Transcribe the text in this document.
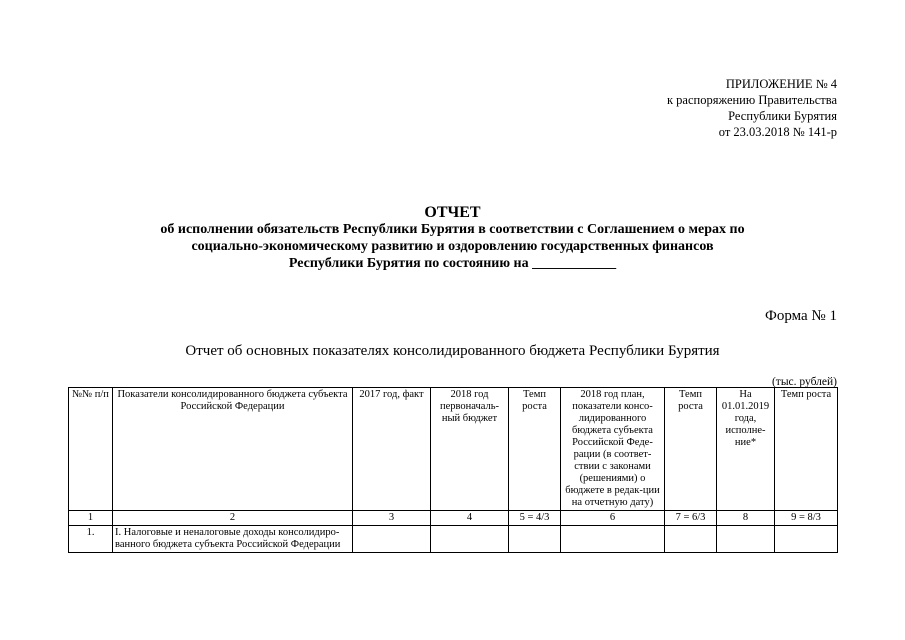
ПРИЛОЖЕНИЕ № 4
к распоряжению Правительства
Республики Бурятия
от 23.03.2018 № 141-р
ОТЧЕТ
об исполнении обязательств Республики Бурятия в соответствии с Соглашением о мерах по
социально-экономическому развитию и оздоровлению государственных финансов
Республики Бурятия по состоянию на ____________
Форма № 1
Отчет об основных показателях консолидированного бюджета Республики Бурятия
(тыс. рублей)
№№ п/п	Показатели консолидированного бюджета субъекта Российской Федерации	2017 год, факт	2018 год первоначаль-ный бюджет	Темп роста	2018 год план, показатели консо-лидированного бюджета субъекта Российской Феде-рации (в соответ-ствии с законами (решениями) о бюджете в редак-ции на отчетную дату)	Темп роста	На 01.01.2019 года, исполне-ние*	Темп роста
1	2	3	4	5 = 4/3	6	7 = 6/3	8	9 = 8/3
1.	I. Налоговые и неналоговые доходы консолидиро-ванного бюджета субъекта Российской Федерации							
